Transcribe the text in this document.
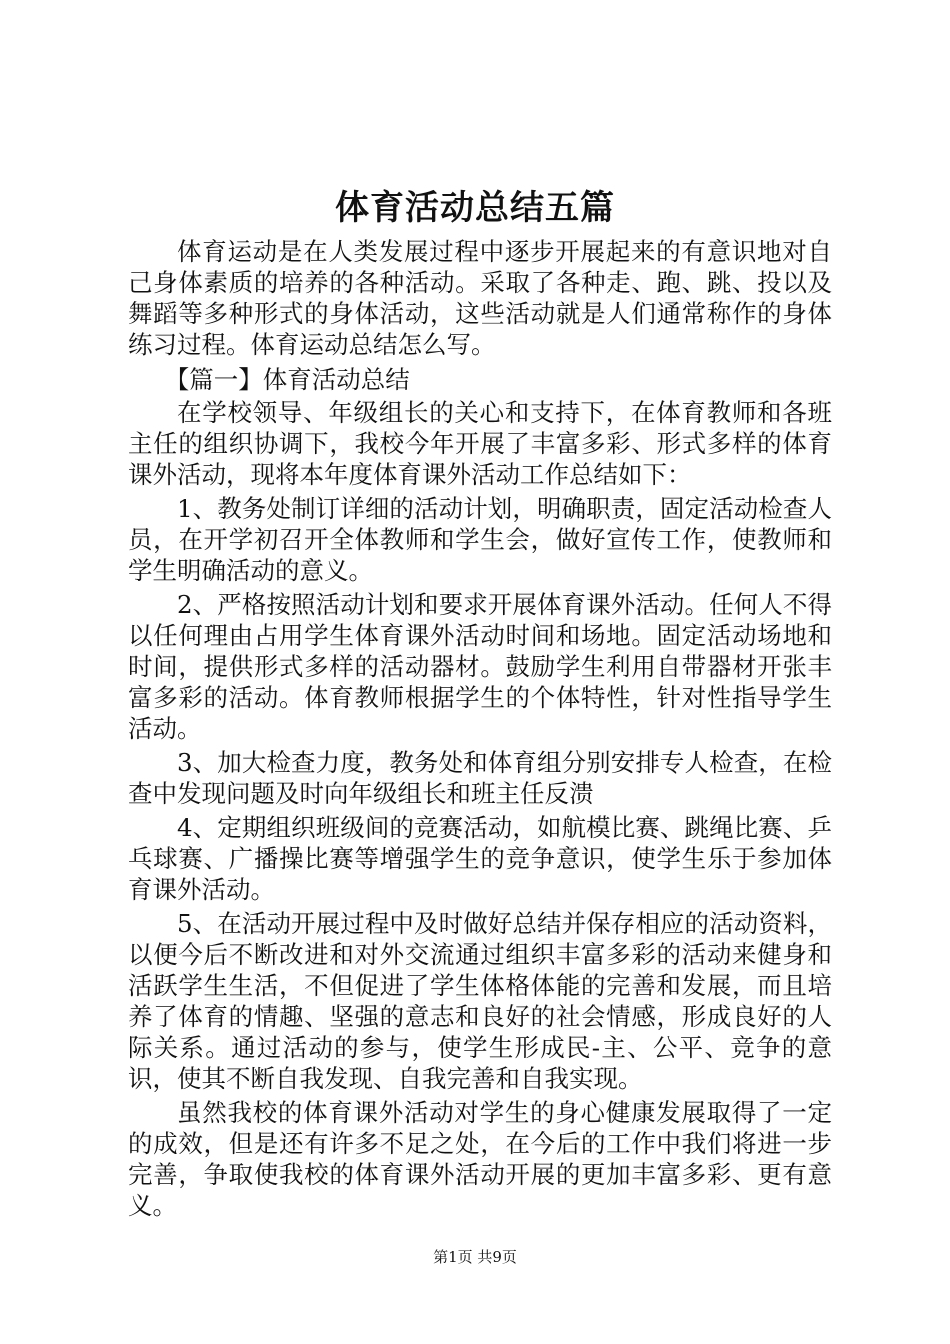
体育活动总结五篇

体育运动是在人类发展过程中逐步开展起来的有意识地对自己身体素质的培养的各种活动。采取了各种走、跑、跳、投以及舞蹈等多种形式的身体活动，这些活动就是人们通常称作的身体练习过程。体育运动总结怎么写。

【篇一】体育活动总结

在学校领导、年级组长的关心和支持下，在体育教师和各班主任的组织协调下，我校今年开展了丰富多彩、形式多样的体育课外活动，现将本年度体育课外活动工作总结如下：

1、教务处制订详细的活动计划，明确职责，固定活动检查人员，在开学初召开全体教师和学生会，做好宣传工作，使教师和学生明确活动的意义。

2、严格按照活动计划和要求开展体育课外活动。任何人不得以任何理由占用学生体育课外活动时间和场地。固定活动场地和时间，提供形式多样的活动器材。鼓励学生利用自带器材开张丰富多彩的活动。体育教师根据学生的个体特性，针对性指导学生活动。

3、加大检查力度，教务处和体育组分别安排专人检查，在检查中发现问题及时向年级组长和班主任反溃

4、定期组织班级间的竞赛活动，如航模比赛、跳绳比赛、乒乓球赛、广播操比赛等增强学生的竞争意识，使学生乐于参加体育课外活动。

5、在活动开展过程中及时做好总结并保存相应的活动资料，以便今后不断改进和对外交流通过组织丰富多彩的活动来健身和活跃学生生活，不但促进了学生体格体能的完善和发展，而且培养了体育的情趣、坚强的意志和良好的社会情感，形成良好的人际关系。通过活动的参与，使学生形成民-主、公平、竞争的意识，使其不断自我发现、自我完善和自我实现。

虽然我校的体育课外活动对学生的身心健康发展取得了一定的成效，但是还有许多不足之处，在今后的工作中我们将进一步完善，争取使我校的体育课外活动开展的更加丰富多彩、更有意义。

第1页 共9页
